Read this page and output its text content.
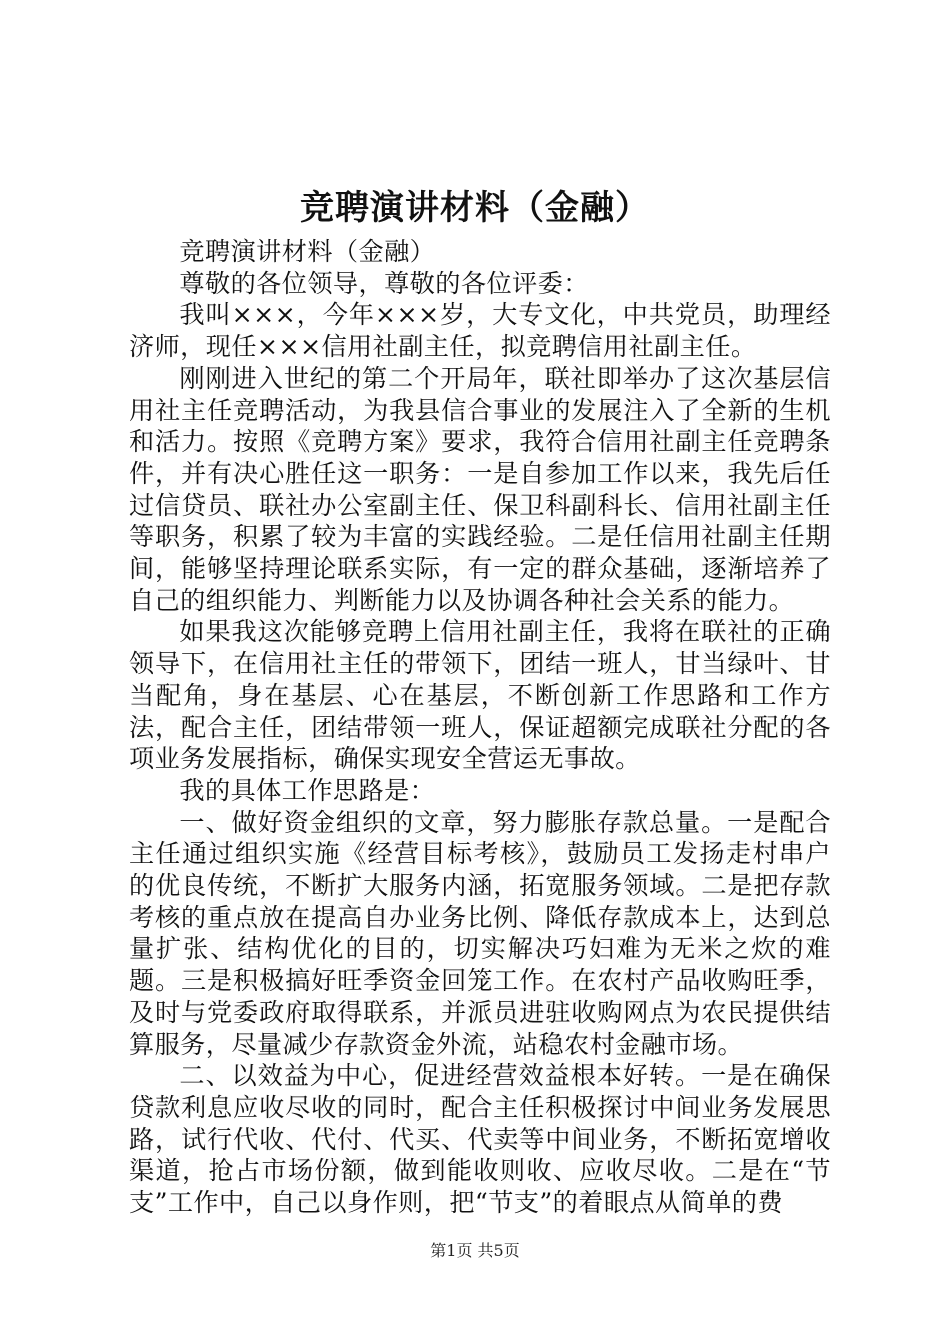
竞聘演讲材料（金融）

竞聘演讲材料（金融）

尊敬的各位领导，尊敬的各位评委：

我叫×××，今年×××岁，大专文化，中共党员，助理经济师，现任×××信用社副主任，拟竞聘信用社副主任。

刚刚进入世纪的第二个开局年，联社即举办了这次基层信用社主任竞聘活动，为我县信合事业的发展注入了全新的生机和活力。按照《竞聘方案》要求，我符合信用社副主任竞聘条件，并有决心胜任这一职务：一是自参加工作以来，我先后任过信贷员、联社办公室副主任、保卫科副科长、信用社副主任等职务，积累了较为丰富的实践经验。二是任信用社副主任期间，能够坚持理论联系实际，有一定的群众基础，逐渐培养了自己的组织能力、判断能力以及协调各种社会关系的能力。

如果我这次能够竞聘上信用社副主任，我将在联社的正确领导下，在信用社主任的带领下，团结一班人，甘当绿叶、甘当配角，身在基层、心在基层，不断创新工作思路和工作方法，配合主任，团结带领一班人，保证超额完成联社分配的各项业务发展指标，确保实现安全营运无事故。

我的具体工作思路是：

一、做好资金组织的文章，努力膨胀存款总量。一是配合主任通过组织实施《经营目标考核》，鼓励员工发扬走村串户的优良传统，不断扩大服务内涵，拓宽服务领域。二是把存款考核的重点放在提高自办业务比例、降低存款成本上，达到总量扩张、结构优化的目的，切实解决巧妇难为无米之炊的难题。三是积极搞好旺季资金回笼工作。在农村产品收购旺季，及时与党委政府取得联系，并派员进驻收购网点为农民提供结算服务，尽量减少存款资金外流，站稳农村金融市场。

二、以效益为中心，促进经营效益根本好转。一是在确保贷款利息应收尽收的同时，配合主任积极探讨中间业务发展思路，试行代收、代付、代买、代卖等中间业务，不断拓宽增收渠道，抢占市场份额，做到能收则收、应收尽收。二是在“节支”工作中，自己以身作则，把“节支”的着眼点从简单的费

第1页 共5页
